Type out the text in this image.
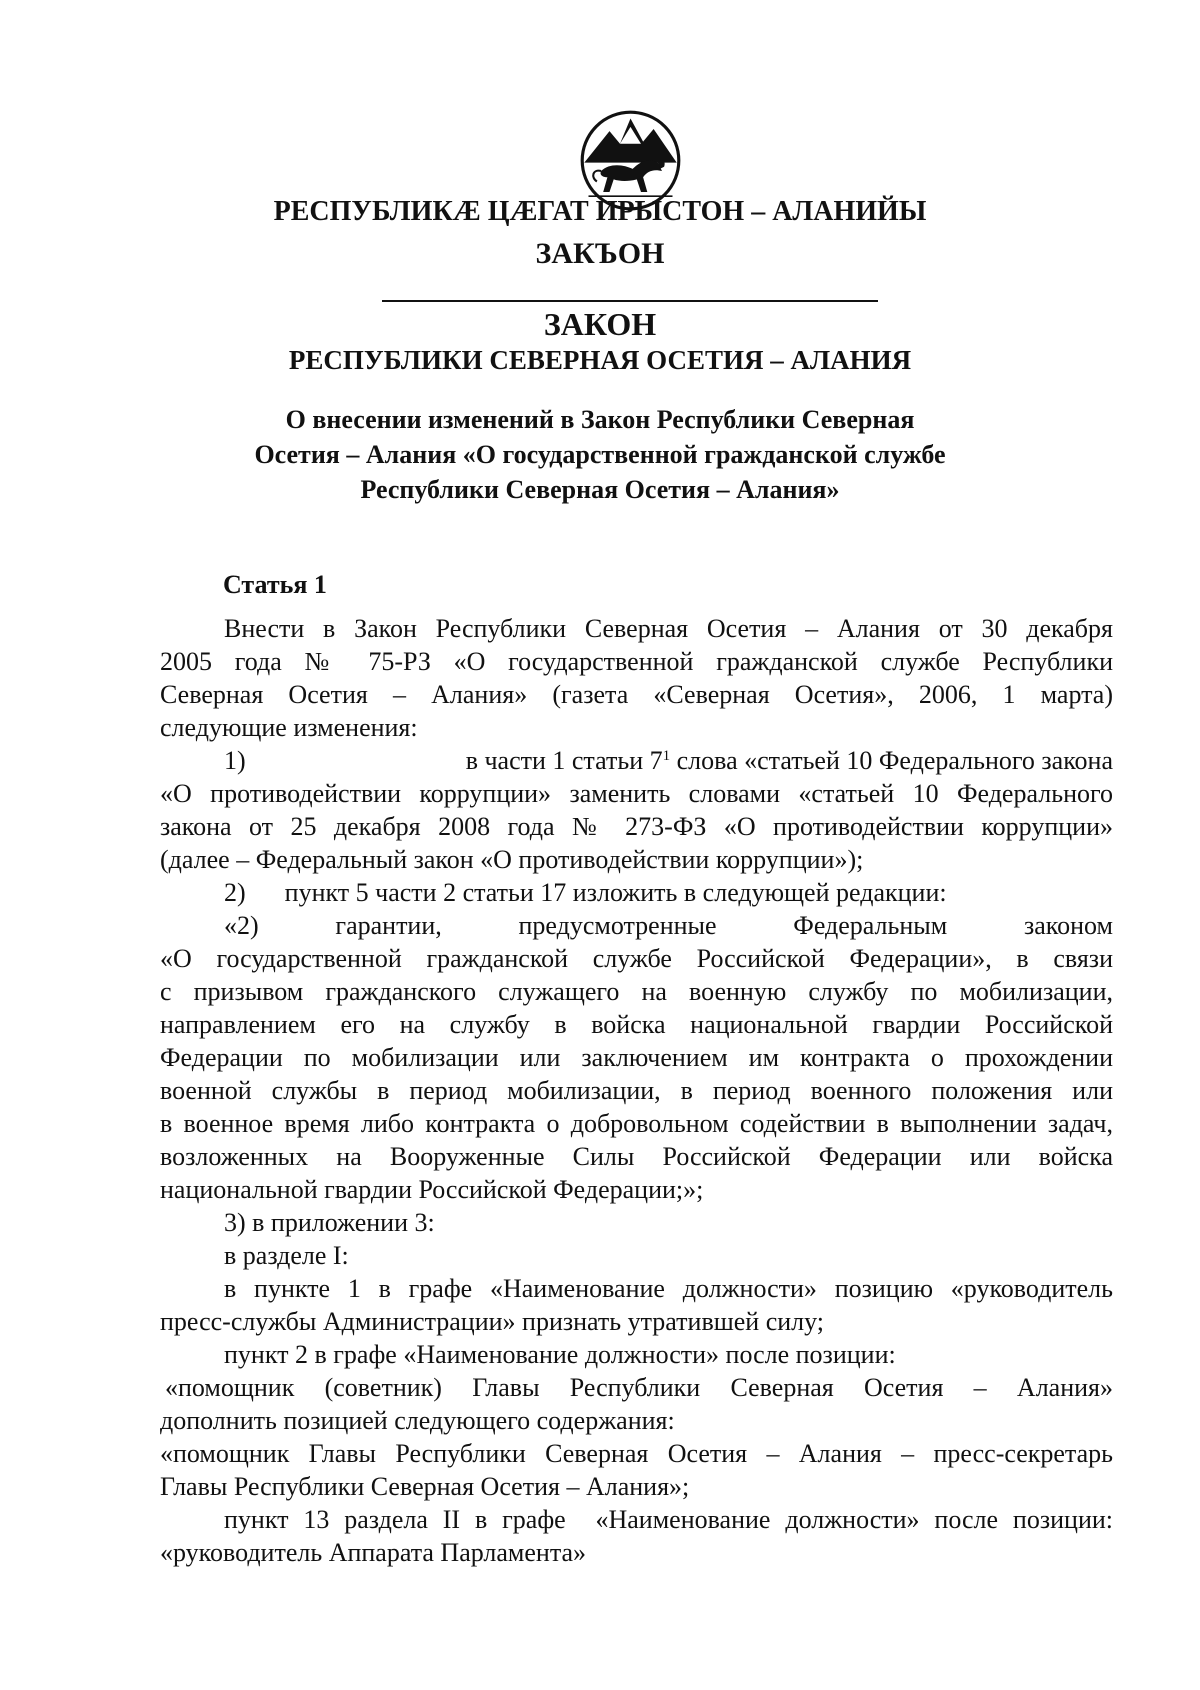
РЕСПУБЛИКӔ ЦӔГАТ ИРЫСТОН – АЛАНИЙЫ
ЗАКЪОН
ЗАКОН
РЕСПУБЛИКИ СЕВЕРНАЯ ОСЕТИЯ – АЛАНИЯ
О внесении изменений в Закон Республики Северная
Осетия – Алания «О государственной гражданской службе
Республики Северная Осетия – Алания»
Статья 1
Внести в Закон Республики Северная Осетия – Алания от 30 декабря
2005 года № 75-РЗ «О государственной гражданской службе Республики
Северная Осетия – Алания» (газета «Северная Осетия», 2006, 1 марта)
следующие изменения:
1)	в части 1 статьи $7^1$ слова «статьей 10 Федерального закона
«О противодействии коррупции» заменить словами «статьей 10 Федерального
закона от 25 декабря 2008 года № 273-ФЗ «О противодействии коррупции»
(далее – Федеральный закон «О противодействии коррупции»);
2)      пункт 5 части 2 статьи 17 изложить в следующей редакции:
«2)	гарантии,	предусмотренные	Федеральным	законом
«О государственной гражданской службе Российской Федерации», в связи
с призывом гражданского служащего на военную службу по мобилизации,
направлением его на службу в войска национальной гвардии Российской
Федерации по мобилизации или заключением им контракта о прохождении
военной службы в период мобилизации, в период военного положения или
в военное время либо контракта о добровольном содействии в выполнении задач,
возложенных на Вооруженные Силы Российской Федерации или войска
национальной гвардии Российской Федерации;»;
3) в приложении 3:
в разделе I:
в пункте 1 в графе «Наименование должности» позицию «руководитель
пресс-службы Администрации» признать утратившей силу;
пункт 2 в графе «Наименование должности» после позиции:
«помощник (советник) Главы Республики Северная Осетия – Алания»
дополнить позицией следующего содержания:
«помощник Главы Республики Северная Осетия – Алания – пресс-секретарь
Главы Республики Северная Осетия – Алания»;
пункт 13 раздела II в графе  «Наименование должности» после позиции:
«руководитель Аппарата Парламента»
